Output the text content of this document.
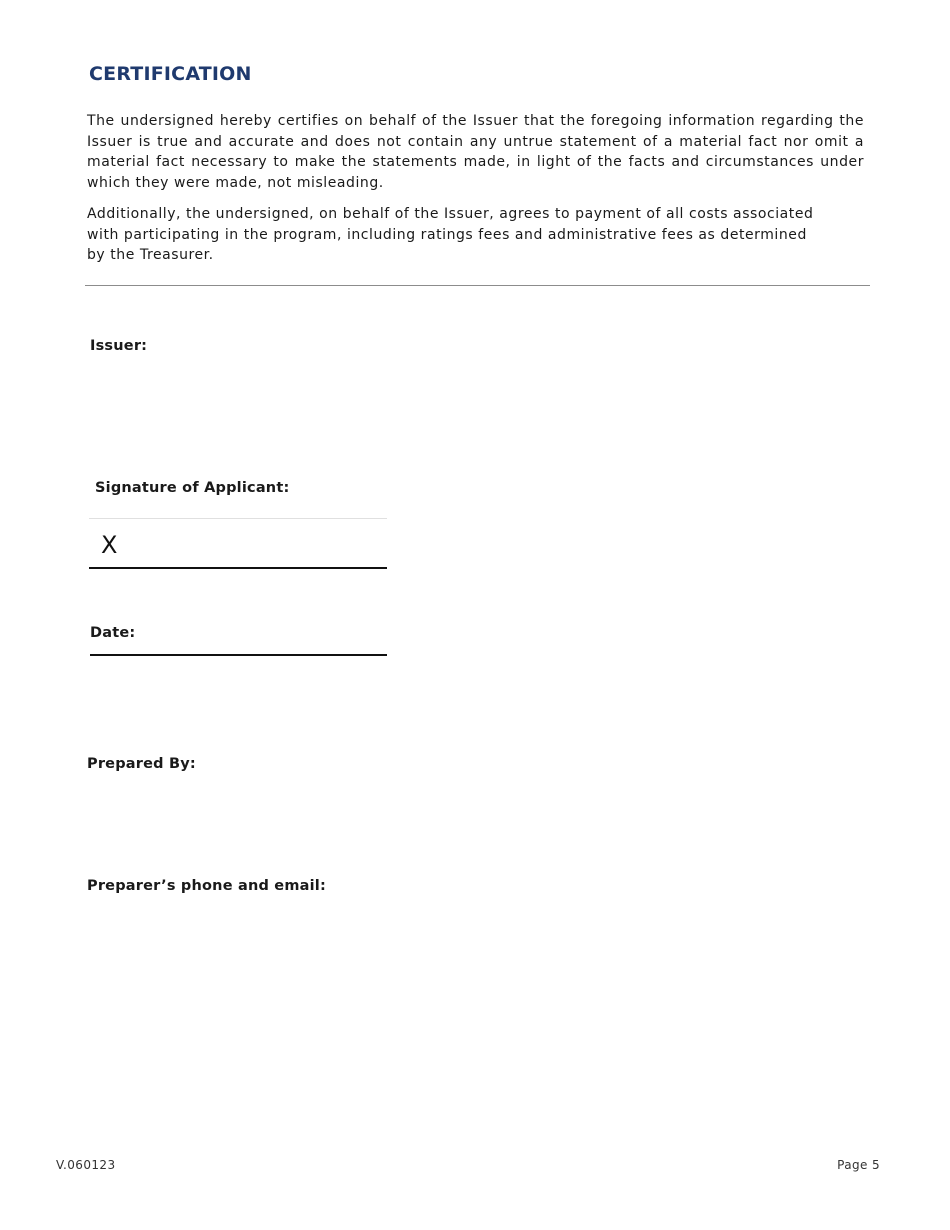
CERTIFICATION

The undersigned hereby certifies on behalf of the Issuer that the foregoing information regarding the Issuer is true and accurate and does not contain any untrue statement of a material fact nor omit a material fact necessary to make the statements made, in light of the facts and circumstances under which they were made, not misleading.

Additionally, the undersigned, on behalf of the Issuer, agrees to payment of all costs associated with participating in the program, including ratings fees and administrative fees as determined by the Treasurer.

Issuer:
Signature of Applicant:
X
Date:
Prepared By:
Preparer’s phone and email:
V.060123	Page 5
